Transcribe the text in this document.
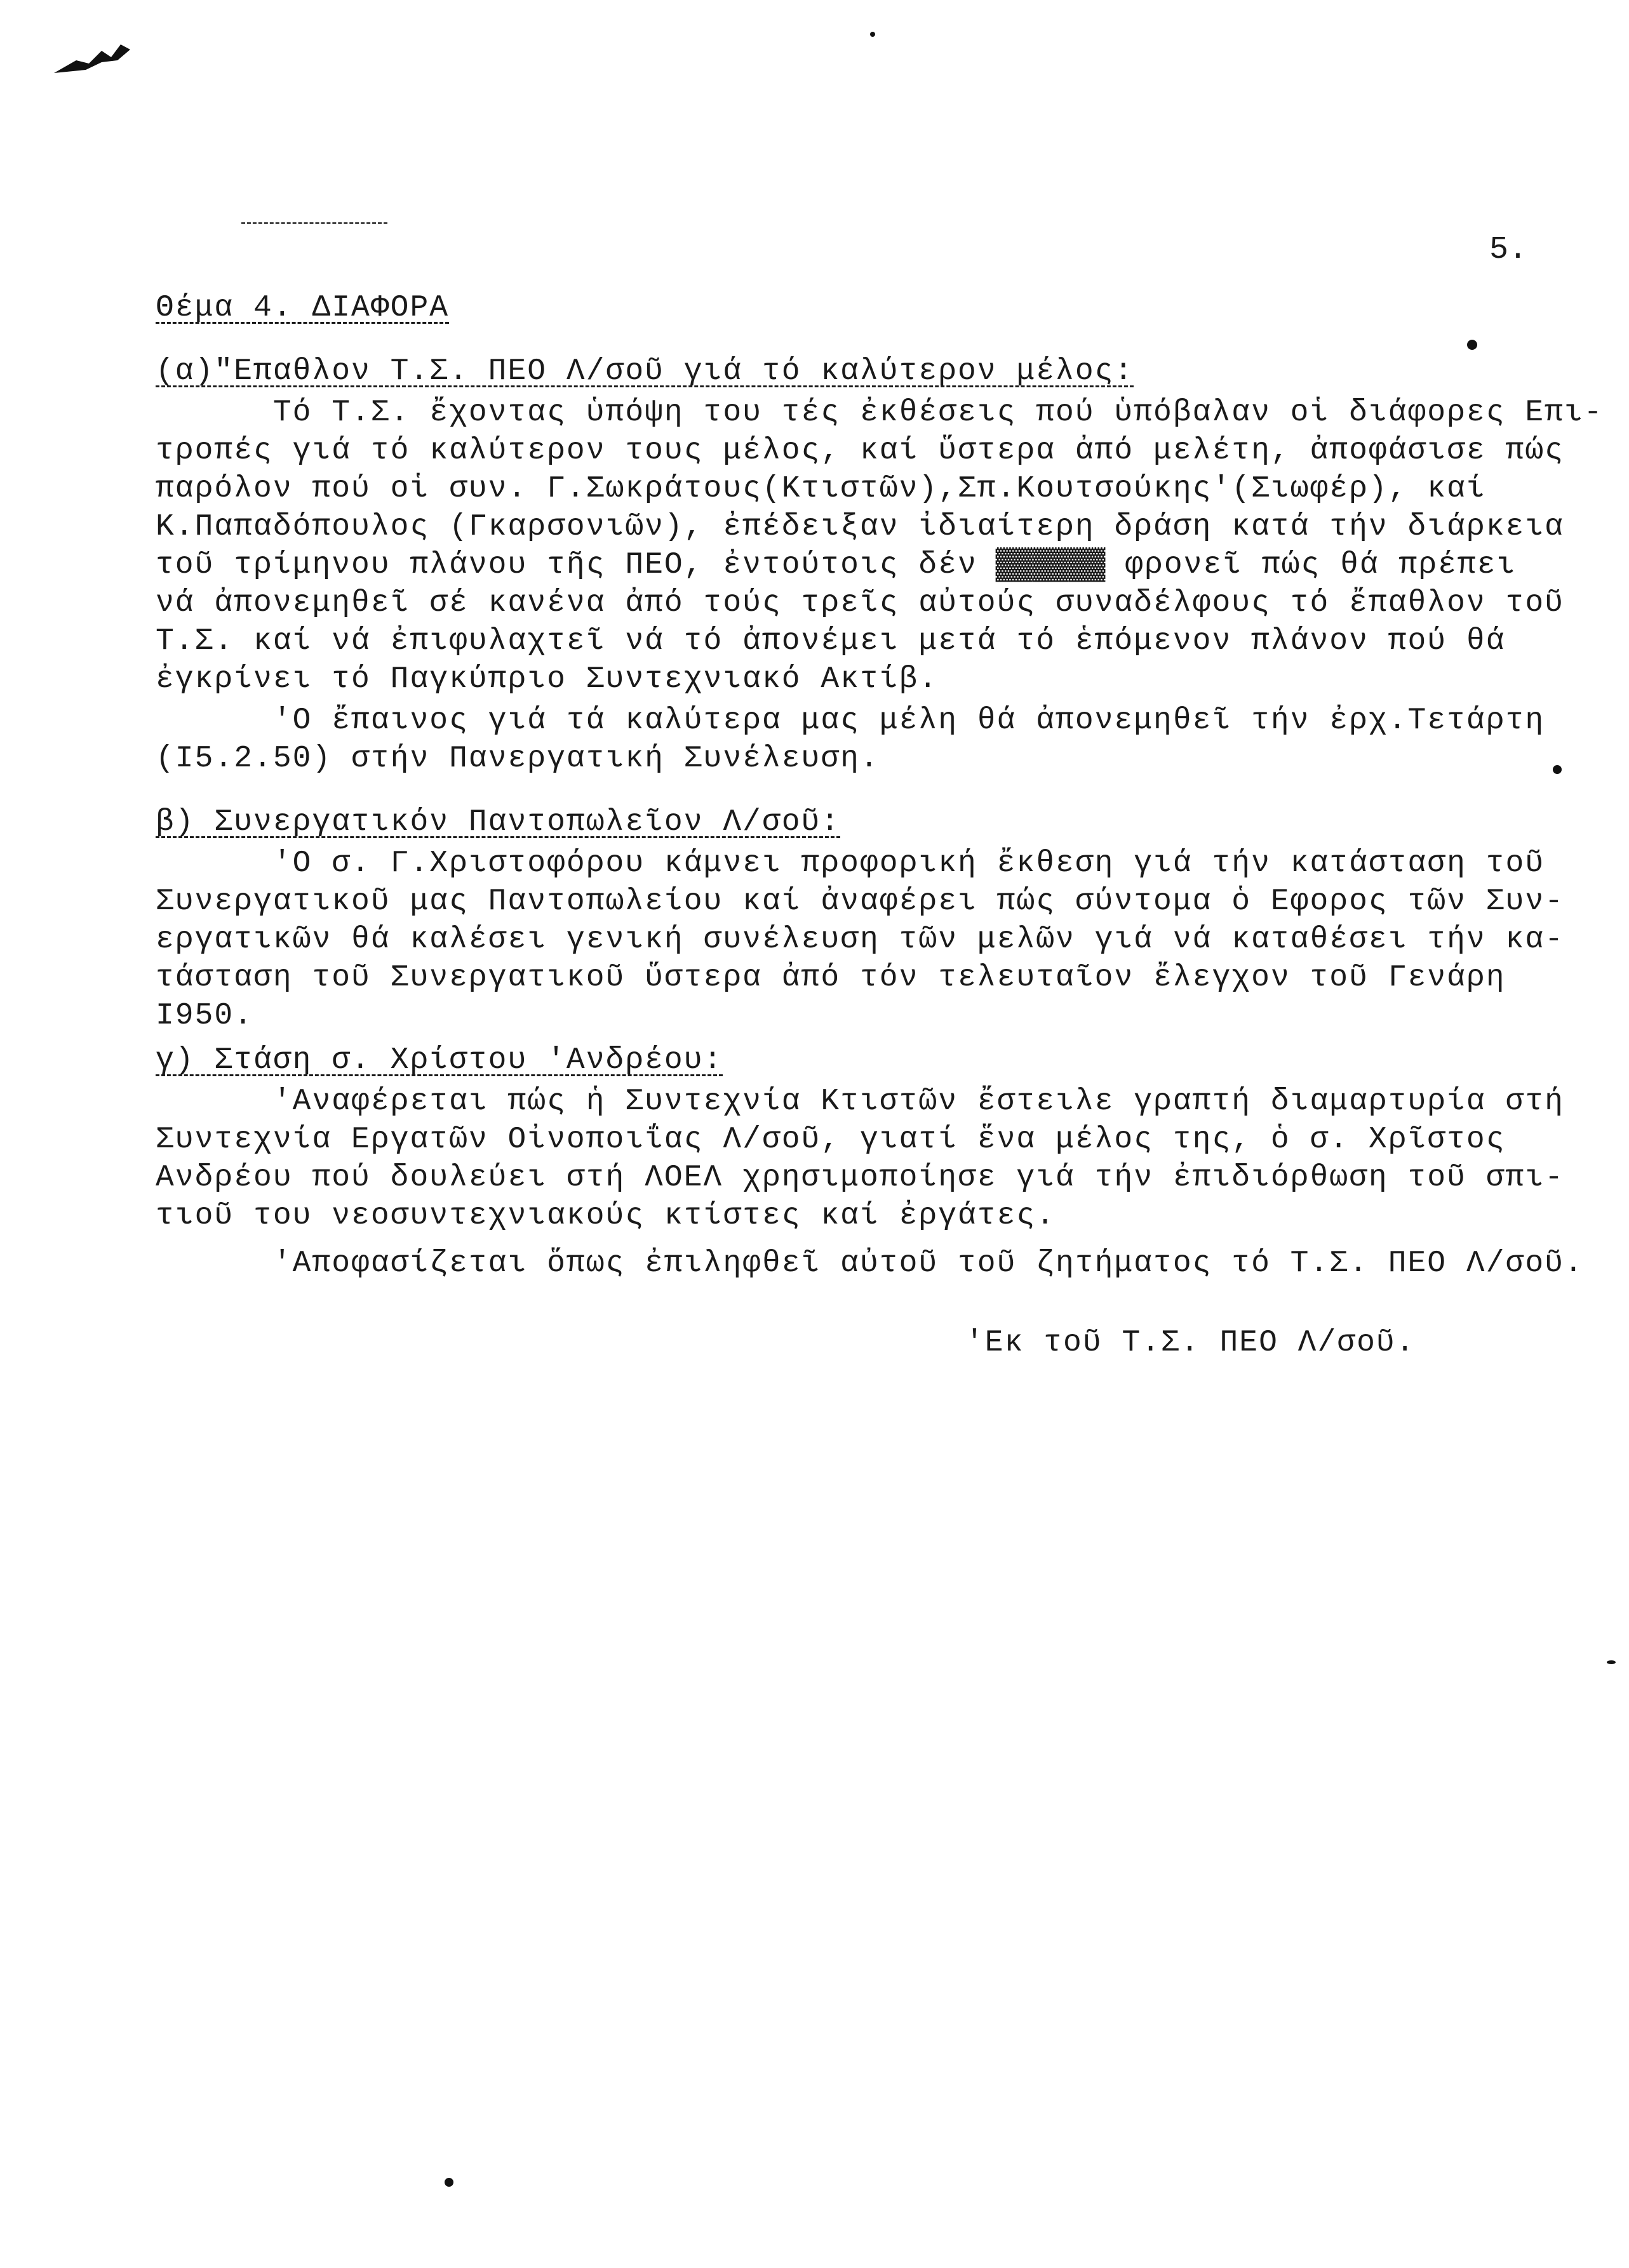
5.
Θέμα 4. ΔΙΑΦΟΡΑ
(α)"Επαθλον Τ.Σ. ΠΕΟ Λ/σοῦ γιά τό καλύτερον μέλος:
Τό Τ.Σ. ἔχοντας ὑπόψη του τές ἐκθέσεις πού ὑπόβαλαν οἱ διάφορες Επι-
τροπές γιά τό καλύτερον τους μέλος, καί ὕστερα ἀπό μελέτη, ἀποφάσισε πώς
παρόλον πού οἱ συν. Γ.Σωκράτους(Κτιστῶν),Σπ.Κουτσούκης'(Σιωφέρ), καί
Κ.Παπαδόπουλος (Γκαρσονιῶν), ἐπέδειξαν ἰδιαίτερη δράση κατά τήν διάρκεια
τοῦ τρίμηνου πλάνου τῆς ΠΕΟ, ἐντούτοις δέν ▓▓▓▓▓▓ φρονεῖ πώς θά πρέπει
νά ἀπονεμηθεῖ σέ κανένα ἀπό τούς τρεῖς αὐτούς συναδέλφους τό ἔπαθλον τοῦ
Τ.Σ. καί νά ἐπιφυλαχτεῖ νά τό ἀπονέμει μετά τό ἑπόμενον πλάνον πού θά
ἐγκρίνει τό Παγκύπριο Συντεχνιακό Ακτίβ.
'Ο ἔπαινος γιά τά καλύτερα μας μέλη θά ἀπονεμηθεῖ τήν ἐρχ.Τετάρτη
(Ι5.2.50) στήν Πανεργατική Συνέλευση.
β) Συνεργατικόν Παντοπωλεῖον Λ/σοῦ:
'Ο σ. Γ.Χριστοφόρου κάμνει προφορική ἔκθεση γιά τήν κατάσταση τοῦ
Συνεργατικοῦ μας Παντοπωλείου καί ἀναφέρει πώς σύντομα ὁ Εφορος τῶν Συν-
εργατικῶν θά καλέσει γενική συνέλευση τῶν μελῶν γιά νά καταθέσει τήν κα-
τάσταση τοῦ Συνεργατικοῦ ὕστερα ἀπό τόν τελευταῖον ἔλεγχον τοῦ Γενάρη
Ι950.
γ) Στάση σ. Χρίστου 'Ανδρέου:
'Αναφέρεται πώς ἡ Συντεχνία Κτιστῶν ἔστειλε γραπτή διαμαρτυρία στή
Συντεχνία Εργατῶν Οἰνοποιΐας Λ/σοῦ, γιατί ἕνα μέλος της, ὁ σ. Χρῖστος
Ανδρέου πού δουλεύει στή ΛΟΕΛ χρησιμοποίησε γιά τήν ἐπιδιόρθωση τοῦ σπι-
τιοῦ του νεοσυντεχνιακούς κτίστες καί ἐργάτες.
'Αποφασίζεται ὅπως ἐπιληφθεῖ αὐτοῦ τοῦ ζητήματος τό Τ.Σ. ΠΕΟ Λ/σοῦ.
'Εκ τοῦ Τ.Σ. ΠΕΟ Λ/σοῦ.
